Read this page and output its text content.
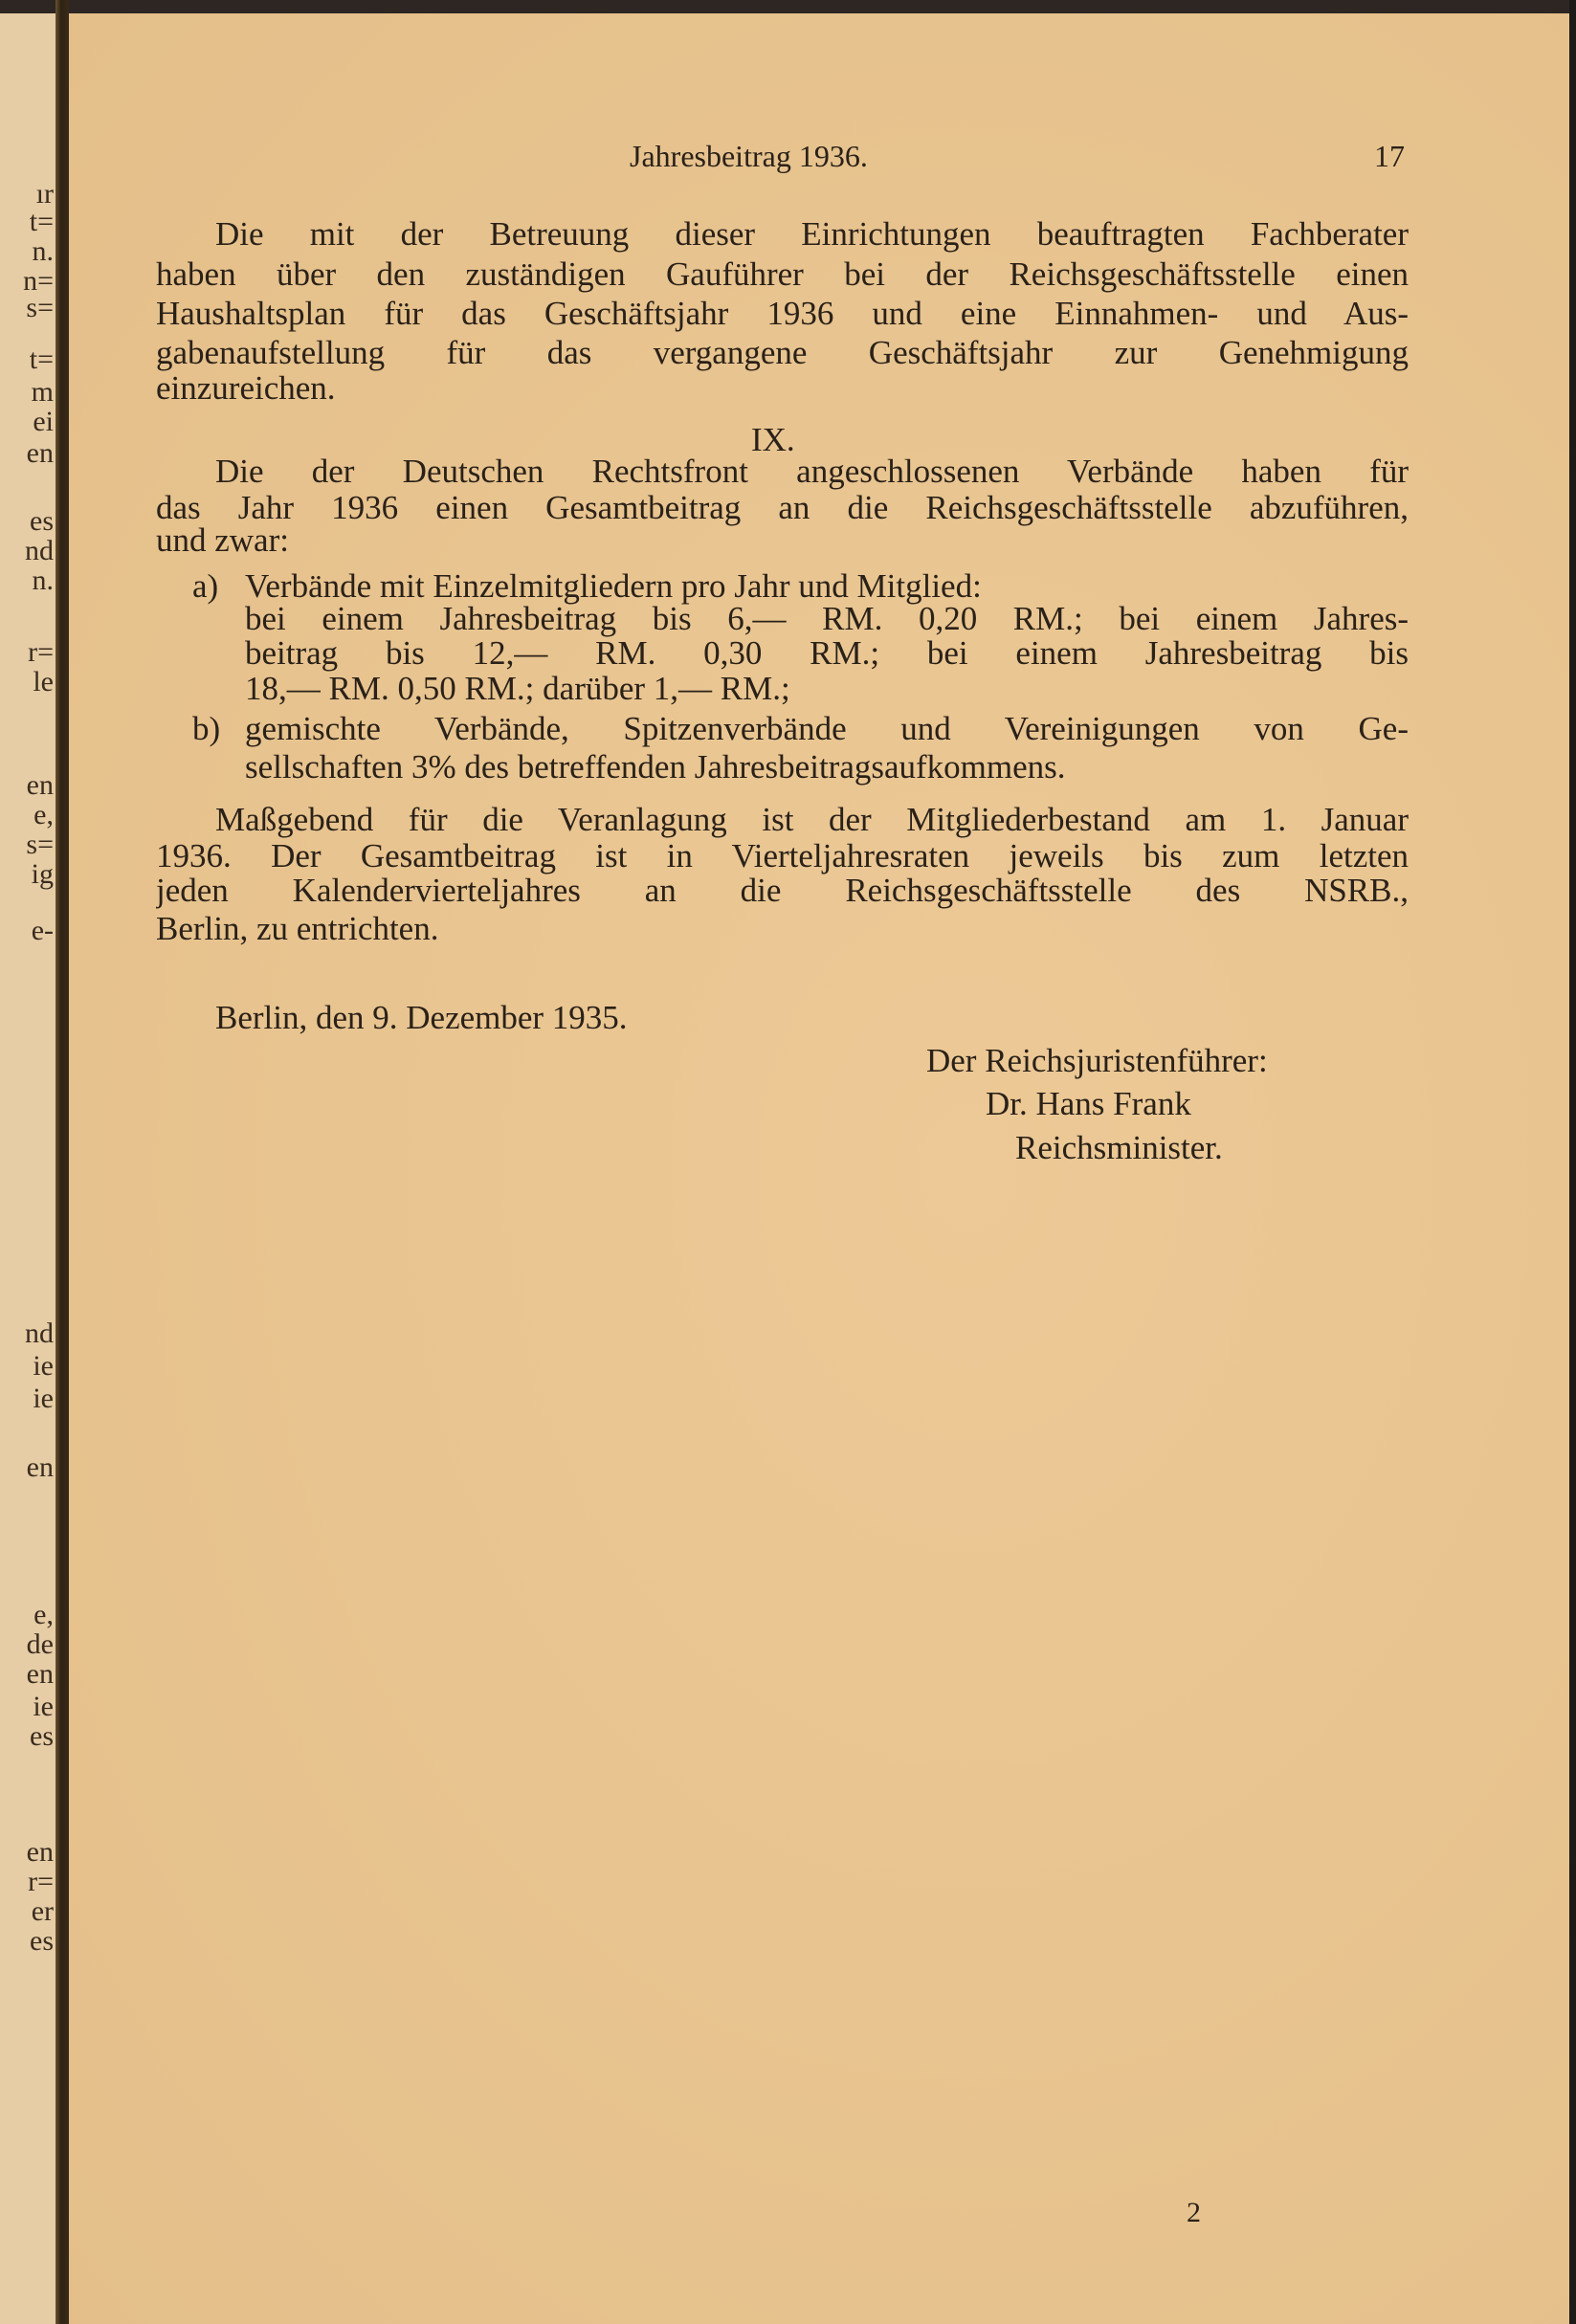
ır
t=
n.
n=
s=
t=
m
ei
en
es
nd
n.
r=
le
en
e,
s=
ig
e-
nd
ie
ie
en
e,
de
en
ie
es
en
r=
er
es
Jahresbeitrag 1936.	17
Die mit der Betreuung dieser Einrichtungen beauftragten Fachberater
haben über den zuständigen Gauführer bei der Reichsgeschäftsstelle einen
Haushaltsplan für das Geschäftsjahr 1936 und eine Einnahmen- und Aus-
gabenaufstellung für das vergangene Geschäftsjahr zur Genehmigung
einzureichen.
IX.
Die der Deutschen Rechtsfront angeschlossenen Verbände haben für
das Jahr 1936 einen Gesamtbeitrag an die Reichsgeschäftsstelle abzuführen,
und zwar:
a) Verbände mit Einzelmitgliedern pro Jahr und Mitglied:
bei einem Jahresbeitrag bis 6,— RM. 0,20 RM.; bei einem Jahres-
beitrag bis 12,— RM. 0,30 RM.; bei einem Jahresbeitrag bis
18,— RM. 0,50 RM.; darüber 1,— RM.;
b) gemischte Verbände, Spitzenverbände und Vereinigungen von Ge-
sellschaften 3% des betreffenden Jahresbeitragsaufkommens.
Maßgebend für die Veranlagung ist der Mitgliederbestand am 1. Januar
1936. Der Gesamtbeitrag ist in Vierteljahresraten jeweils bis zum letzten
jeden Kalendervierteljahres an die Reichsgeschäftsstelle des NSRB.,
Berlin, zu entrichten.
Berlin, den 9. Dezember 1935.
Der Reichsjuristenführer:
Dr. Hans Frank
Reichsminister.
2
